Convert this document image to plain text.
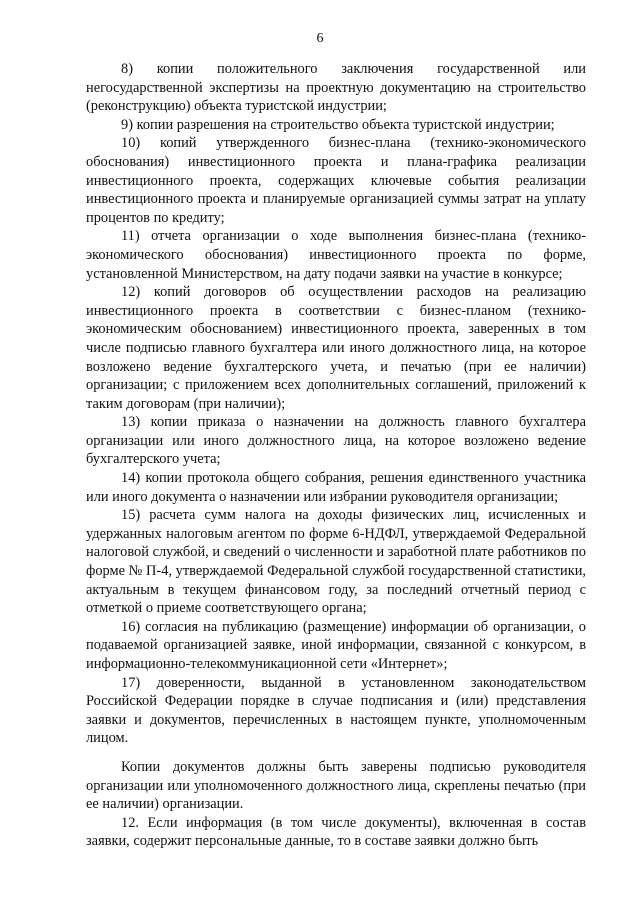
6

8) копии положительного заключения государственной или негосударственной экспертизы на проектную документацию на строительство (реконструкцию) объекта туристской индустрии;

9) копии разрешения на строительство объекта туристской индустрии;

10) копий утвержденного бизнес-плана (технико-экономического обоснования) инвестиционного проекта и плана-графика реализации инвестиционного проекта, содержащих ключевые события реализации инвестиционного проекта и планируемые организацией суммы затрат на уплату процентов по кредиту;

11) отчета организации о ходе выполнения бизнес-плана (технико-экономического обоснования) инвестиционного проекта по форме, установленной Министерством, на дату подачи заявки на участие в конкурсе;

12) копий договоров об осуществлении расходов на реализацию инвестиционного проекта в соответствии с бизнес-планом (технико-экономическим обоснованием) инвестиционного проекта, заверенных в том числе подписью главного бухгалтера или иного должностного лица, на которое возложено ведение бухгалтерского учета, и печатью (при ее наличии) организации; с приложением всех дополнительных соглашений, приложений к таким договорам (при наличии);

13) копии приказа о назначении на должность главного бухгалтера организации или иного должностного лица, на которое возложено ведение бухгалтерского учета;

14) копии протокола общего собрания, решения единственного участника или иного документа о назначении или избрании руководителя организации;

15) расчета сумм налога на доходы физических лиц, исчисленных и удержанных налоговым агентом по форме 6-НДФЛ, утверждаемой Федеральной налоговой службой, и сведений о численности и заработной плате работников по форме № П-4, утверждаемой Федеральной службой государственной статистики, актуальным в текущем финансовом году, за последний отчетный период с отметкой о приеме соответствующего органа;

16) согласия на публикацию (размещение) информации об организации, о подаваемой организацией заявке, иной информации, связанной с конкурсом, в информационно-телекоммуникационной сети «Интернет»;

17) доверенности, выданной в установленном законодательством Российской Федерации порядке в случае подписания и (или) представления заявки и документов, перечисленных в настоящем пункте, уполномоченным лицом.

Копии документов должны быть заверены подписью руководителя организации или уполномоченного должностного лица, скреплены печатью (при ее наличии) организации.

12. Если информация (в том числе документы), включенная в состав заявки, содержит персональные данные, то в составе заявки должно быть
